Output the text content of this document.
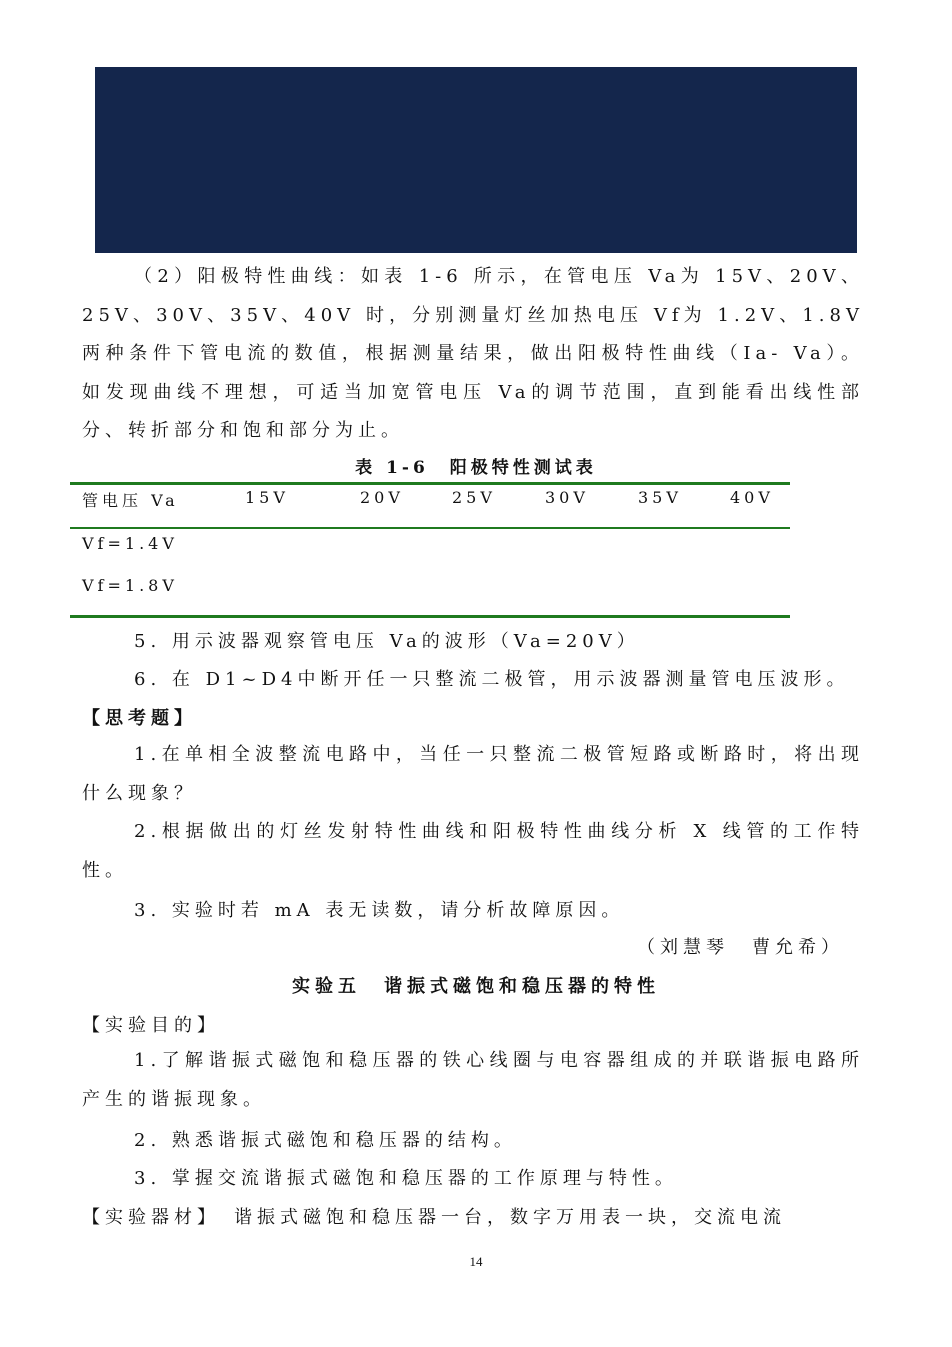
（2）阳极特性曲线：如表 1-6 所示，在管电压 Va为 15V、20V、25V、30V、35V、40V 时，分别测量灯丝加热电压 Vf为 1.2V、1.8V 两种条件下管电流的数值，根据测量结果，做出阳极特性曲线（Ia- Va）。如发现曲线不理想，可适当加宽管电压 Va的调节范围，直到能看出线性部分、转折部分和饱和部分为止。

表 1-6　阳极特性测试表
管电压 Va	15V	20V	25V	30V	35V	40V
Vf=1.4V
Vf=1.8V
5. 用示波器观察管电压 Va的波形（Va=20V）
6. 在 D1~D4中断开任一只整流二极管，用示波器测量管电压波形。
【思考题】

1.在单相全波整流电路中，当任一只整流二极管短路或断路时，将出现什么现象？

2.根据做出的灯丝发射特性曲线和阳极特性曲线分析 X 线管的工作特性。

3. 实验时若 mA 表无读数，请分析故障原因。
（刘慧琴　曹允希）
实验五　谐振式磁饱和稳压器的特性
【实验目的】

1.了解谐振式磁饱和稳压器的铁心线圈与电容器组成的并联谐振电路所产生的谐振现象。

2. 熟悉谐振式磁饱和稳压器的结构。
3. 掌握交流谐振式磁饱和稳压器的工作原理与特性。
【实验器材】　谐振式磁饱和稳压器一台，数字万用表一块，交流电流
14
